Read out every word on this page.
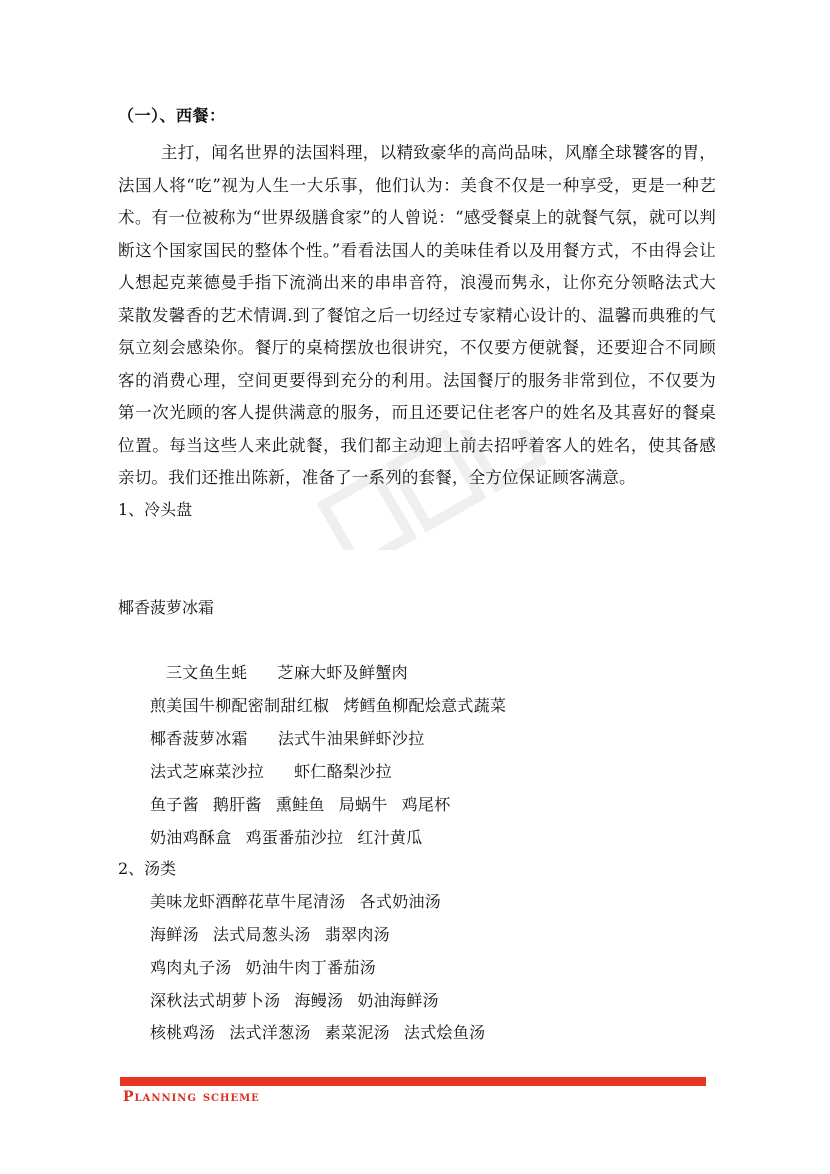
（一）、西餐：

主打，闻名世界的法国料理，以精致豪华的高尚品味，风靡全球饕客的胃，法国人将“吃”视为人生一大乐事，他们认为：美食不仅是一种享受，更是一种艺术。有一位被称为“世界级膳食家”的人曾说：“感受餐桌上的就餐气氛，就可以判断这个国家国民的整体个性。”看看法国人的美味佳肴以及用餐方式，不由得会让人想起克莱德曼手指下流淌出来的串串音符，浪漫而隽永，让你充分领略法式大菜散发馨香的艺术情调.到了餐馆之后一切经过专家精心设计的、温馨而典雅的气氛立刻会感染你。餐厅的桌椅摆放也很讲究，不仅要方便就餐，还要迎合不同顾客的消费心理，空间更要得到充分的利用。法国餐厅的服务非常到位，不仅要为第一次光顾的客人提供满意的服务，而且还要记住老客户的姓名及其喜好的餐桌位置。每当这些人来此就餐，我们都主动迎上前去招呼着客人的姓名，使其备感亲切。我们还推出陈新，准备了一系列的套餐，全方位保证顾客满意。

1、冷头盘
椰香菠萝冰霜
三文鱼生蚝 芝麻大虾及鲜蟹肉
煎美国牛柳配密制甜红椒 烤鳕鱼柳配烩意式蔬菜
椰香菠萝冰霜 法式牛油果鲜虾沙拉
法式芝麻菜沙拉 虾仁酪梨沙拉
鱼子酱 鹅肝酱 熏鲑鱼 局蜗牛 鸡尾杯
奶油鸡酥盒 鸡蛋番茄沙拉 红汁黄瓜
2、汤类
美味龙虾酒醉花草牛尾清汤 各式奶油汤
海鲜汤 法式局葱头汤 翡翠肉汤
鸡肉丸子汤 奶油牛肉丁番茄汤
深秋法式胡萝卜汤 海鳗汤 奶油海鲜汤
核桃鸡汤 法式洋葱汤 素菜泥汤 法式烩鱼汤
Planning scheme
